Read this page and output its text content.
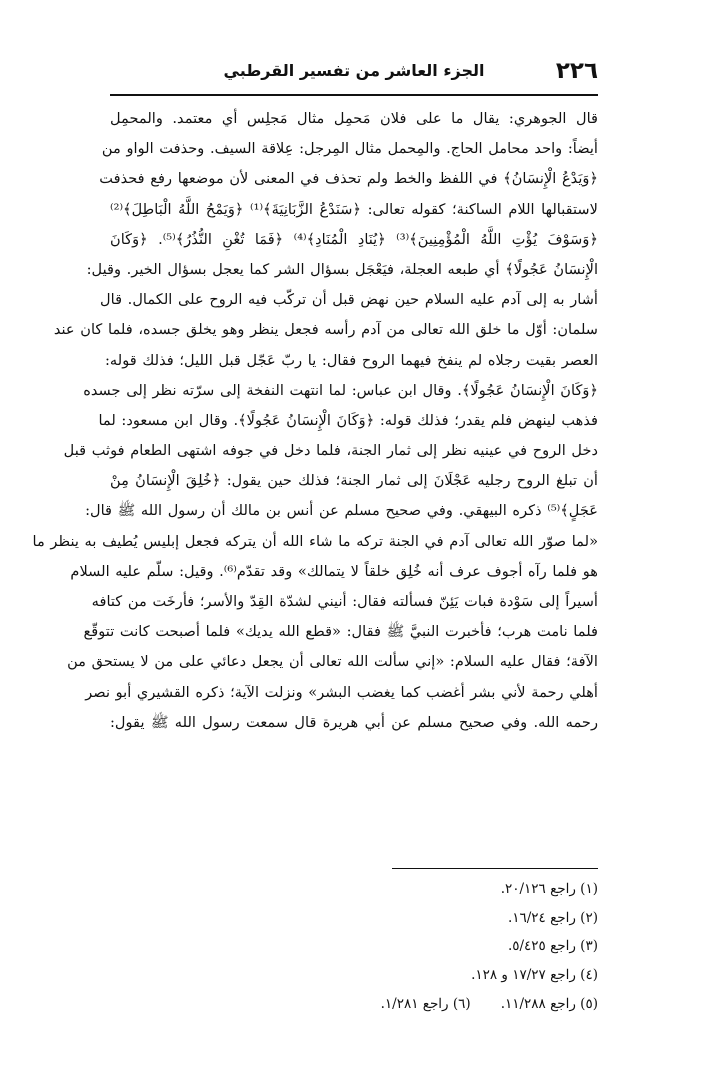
٢٢٦
الجزء العاشر من تفسير القرطبي
قال الجوهري: يقال ما على فلان مَحمِل مثال مَجلِس أي معتمد. والمحمِل
أيضاً: واحد محامل الحاج. والمِحمل مثال المِرجل: عِلاقة السيف. وحذفت الواو من
﴿وَيَدْعُ الْإِنسَانُ﴾ في اللفظ والخط ولم تحذف في المعنى لأن موضعها رفع فحذفت
لاستقبالها اللام الساكنة؛ كقوله تعالى: ﴿سَنَدْعُ الزَّبَانِيَةَ﴾⁽¹⁾ ﴿وَيَمْحُ اللَّهُ الْبَاطِلَ﴾⁽²⁾
﴿وَسَوْفَ يُؤْتِ اللَّهُ الْمُؤْمِنِينَ﴾⁽³⁾ ﴿يُنَادِ الْمُنَادِ﴾⁽⁴⁾ ﴿فَمَا تُغْنِ النُّذُرُ﴾⁽⁵⁾. ﴿وَكَانَ
الْإِنسَانُ عَجُولًا﴾ أي طبعه العجلة، فيَعْجَل بسؤال الشر كما يعجل بسؤال الخير. وقيل:
أشار به إلى آدم عليه السلام حين نهض قبل أن تركّب فيه الروح على الكمال. قال
سلمان: أوّل ما خلق الله تعالى من آدم رأسه فجعل ينظر وهو يخلق جسده، فلما كان عند
العصر بقيت رجلاه لم ينفخ فيهما الروح فقال: يا ربّ عَجّل قبل الليل؛ فذلك قوله:
﴿وَكَانَ الْإِنسَانُ عَجُولًا﴾. وقال ابن عباس: لما انتهت النفخة إلى سرّته نظر إلى جسده
فذهب لينهض فلم يقدر؛ فذلك قوله: ﴿وَكَانَ الْإِنسَانُ عَجُولًا﴾. وقال ابن مسعود: لما
دخل الروح في عينيه نظر إلى ثمار الجنة، فلما دخل في جوفه اشتهى الطعام فوثب قبل
أن تبلغ الروح رجليه عَجْلَانَ إلى ثمار الجنة؛ فذلك حين يقول: ﴿خُلِقَ الْإِنسَانُ مِنْ
عَجَلٍ﴾⁽⁵⁾ ذكره البيهقي. وفي صحيح مسلم عن أنس بن مالك أن رسول الله ﷺ قال:
«لما صوّر الله تعالى آدم في الجنة تركه ما شاء الله أن يتركه فجعل إبليس يُطيف به ينظر ما
هو فلما رآه أجوف عرف أنه خُلِق خلقاً لا يتمالك» وقد تقدّم⁽⁶⁾. وقيل: سلّم عليه السلام
أسيراً إلى سَوْدة فبات يَئِنّ فسألته فقال: أنيني لشدّة القِدّ والأسر؛ فأرخَت من كتافه
فلما نامت هرب؛ فأخبرت النبيَّ ﷺ فقال: «قطع الله يديك» فلما أصبحت كانت تتوقّع
الآفة؛ فقال عليه السلام: «إني سألت الله تعالى أن يجعل دعائي على من لا يستحق من
أهلي رحمة لأني بشر أغضب كما يغضب البشر» ونزلت الآية؛ ذكره القشيري أبو نصر
رحمه الله. وفي صحيح مسلم عن أبي هريرة قال سمعت رسول الله ﷺ يقول:
(١) راجع ٢٠/١٢٦.
(٢) راجع ١٦/٢٤.
(٣) راجع ٥/٤٢٥.
(٤) راجع ١٧/٢٧ و ١٢٨.
(٥) راجع ١١/٢٨٨.(٦) راجع ١/٢٨١.
